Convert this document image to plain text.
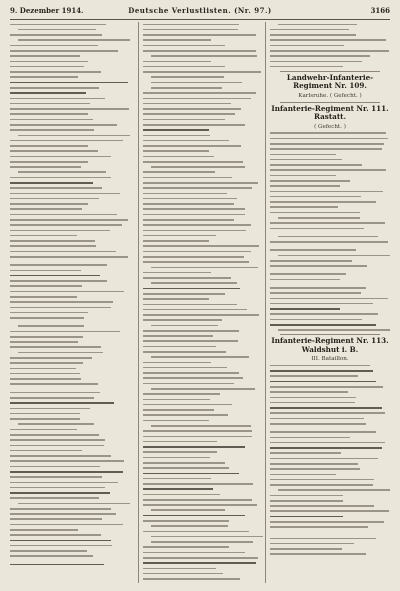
9. Dezember 1914.	Deutsche Verlustlisten. (Nr. 97.)	3166
Landwehr-Infanterie-Regiment Nr. 109.
Karlsruhe. ( Gefecht. )
Infanterie-Regiment Nr. 111. Rastatt.
( Gefecht. )
Infanterie-Regiment Nr. 113. Waldshut i. B.
III. Bataillon.
